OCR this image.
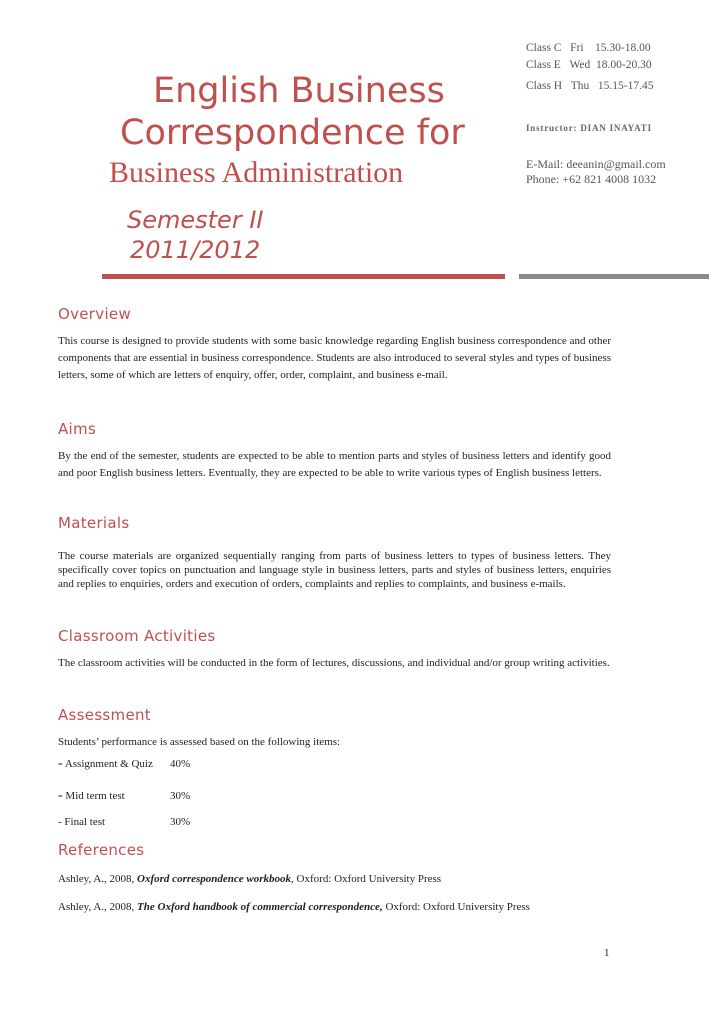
English Business
Correspondence for
Business Administration
Semester II
2011/2012
Class C Fri 15.30-18.00
Class E Wed 18.00-20.30
Class H Thu 15.15-17.45
Instructor: DIAN INAYATI
E-Mail: deeanin@gmail.com
Phone: +62 821 4008 1032
Overview
This course is designed to provide students with some basic knowledge regarding English business correspondence and other components that are essential in business correspondence. Students are also introduced to several styles and types of business letters, some of which are letters of enquiry, offer, order, complaint, and business e-mail.
Aims
By the end of the semester, students are expected to be able to mention parts and styles of business letters and identify good and poor English business letters. Eventually, they are expected to be able to write various types of English business letters.
Materials
The course materials are organized sequentially ranging from parts of business letters to types of business letters. They specifically cover topics on punctuation and language style in business letters, parts and styles of business letters, enquiries and replies to enquiries, orders and execution of orders, complaints and replies to complaints, and business e-mails.
Classroom Activities
The classroom activities will be conducted in the form of lectures, discussions, and individual and/or group writing activities.
Assessment
Students’ performance is assessed based on the following items:
- Assignment & Quiz 40%
- Mid term test	30%
- Final test	30%
References
Ashley, A., 2008, Oxford correspondence workbook, Oxford: Oxford University Press
Ashley, A., 2008, The Oxford handbook of commercial correspondence, Oxford: Oxford University Press
1
